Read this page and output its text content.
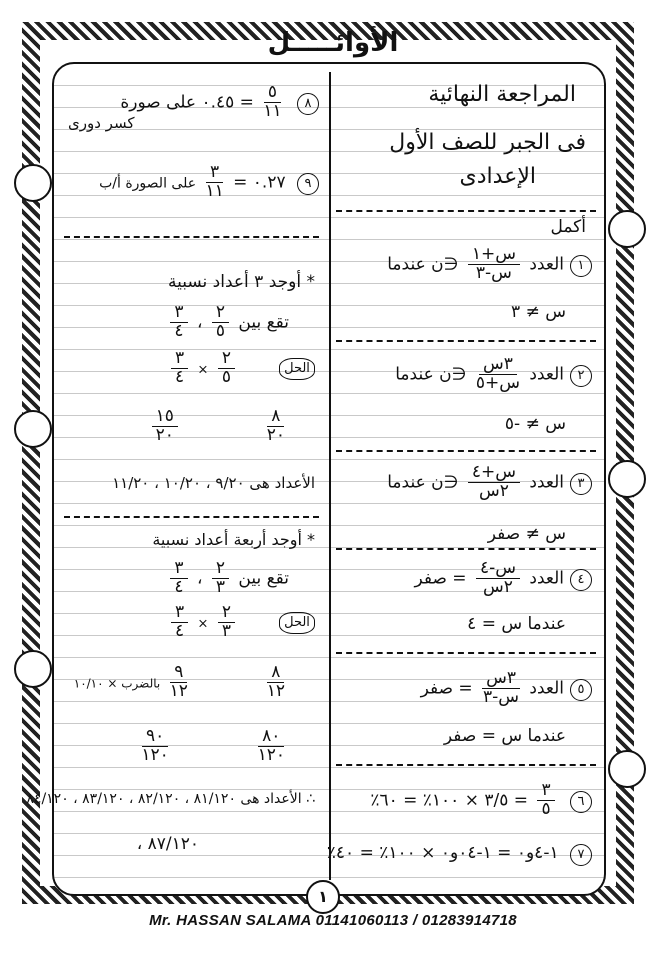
الأوائـــــل
المراجعة النهائية
فى الجبر للصف الأول
الإعدادى
أكمل
١العدد
$\frac{\text{س+١}}{\text{س-٣}}$
∈ن عندما
س ≠ ٣
٢العدد
$\frac{\text{٣س}}{\text{س+٥}}$
∈ن عندما
س ≠ -٥
٣العدد
$\frac{\text{س+٤}}{\text{٢س}}$
∈ن عندما
س ≠ صفر
٤العدد
$\frac{\text{س-٤}}{\text{٢س}}$
= صفر
عندما س = ٤
٥العدد
$\frac{\text{٣س}}{\text{س-٣}}$
= صفر
عندما س = صفر
٦
$\frac{٣}{٥}$
= ٣/٥ × ١٠٠٪ = ٦٠٪
٧ ١-٤و٠ = ١-٠٤و٠ × ١٠٠٪ = ٤٠٪
٨
$\frac{٥}{١١}$
= ٠.٤٥ على صورة
كسر دورى
٩ ٠.٢٧ =
$\frac{٣}{١١}$
على الصورة أ/ب
* أوجد ٣ أعداد نسبية
تقع بين
$\frac{٢}{٥}$
،
$\frac{٣}{٤}$
الحل
$\frac{٢}{٥}$
⨯
$\frac{٣}{٤}$
$\frac{٨}{٢٠}$

$\frac{١٥}{٢٠}$
الأعداد هى ٩/٢٠ ، ١٠/٢٠ ، ١١/٢٠
* أوجد أربعة أعداد نسبية
تقع بين
$\frac{٢}{٣}$
،
$\frac{٣}{٤}$
الحل
$\frac{٢}{٣}$
⨯
$\frac{٣}{٤}$
$\frac{٨}{١٢}$

$\frac{٩}{١٢}$
بالضرب × ١٠/١٠
$\frac{٨٠}{١٢٠}$

$\frac{٩٠}{١٢٠}$
∴ الأعداد هى ٨١/١٢٠ ، ٨٢/١٢٠ ، ٨٣/١٢٠ ، ٨٤/١٢٠
٨٧/١٢٠ ،
١
Mr. HASSAN SALAMA 01141060113 / 01283914718
